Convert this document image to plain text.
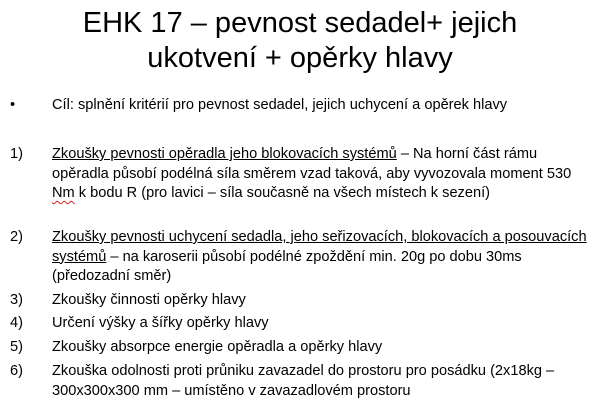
EHK 17 – pevnost sedadel+ jejich
ukotvení + opěrky hlavy
•	Cíl: splnění kritérií pro pevnost sedadel, jejich uchycení a opěrek hlavy
1)	Zkoušky pevnosti opěradla jeho blokovacích systémů – Na horní část rámu opěradla působí podélná síla směrem vzad taková, aby vyvozovala moment 530 Nm k bodu R (pro lavici – síla současně na všech místech k sezení)
2)	Zkoušky pevnosti uchycení sedadla, jeho seřizovacích, blokovacích a posouvacích systémů – na karoserii působí podélné zpoždění min. 20g po dobu 30ms (předozadní směr)
3)	Zkoušky činnosti opěrky hlavy
4)	Určení výšky a šířky opěrky hlavy
5)	Zkoušky absorpce energie opěradla a opěrky hlavy
6)	Zkouška odolnosti proti průniku zavazadel do prostoru pro posádku (2x18kg – 300x300x300 mm – umístěno v zavazadlovém prostoru
